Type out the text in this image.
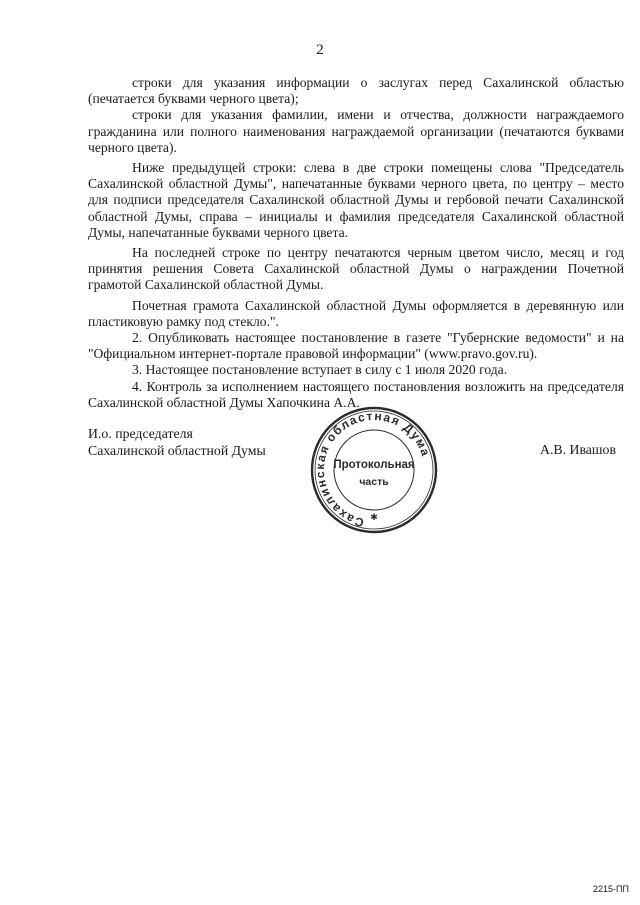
2

строки для указания информации о заслугах перед Сахалинской областью (печатается буквами черного цвета);

строки для указания фамилии, имени и отчества, должности награждаемого гражданина или полного наименования награждаемой организации (печатаются буквами черного цвета).

Ниже предыдущей строки: слева в две строки помещены слова "Председатель Сахалинской областной Думы", напечатанные буквами черного цвета, по центру – место для подписи председателя Сахалинской областной Думы и гербовой печати Сахалинской областной Думы, справа – инициалы и фамилия председателя Сахалинской областной Думы, напечатанные буквами черного цвета.

На последней строке по центру печатаются черным цветом число, месяц и год принятия решения Совета Сахалинской областной Думы о награждении Почетной грамотой Сахалинской областной Думы.

Почетная грамота Сахалинской областной Думы оформляется в деревянную или пластиковую рамку под стекло.".

2. Опубликовать настоящее постановление в газете "Губернские ведомости" и на "Официальном интернет-портале правовой информации" (www.pravo.gov.ru).

3. Настоящее постановление вступает в силу с 1 июля 2020 года.

4. Контроль за исполнением настоящего постановления возложить на председателя Сахалинской областной Думы Хапочкина А.А.

И.о. председателя
Сахалинской областной Думы
Сахалинская областная Дума
✱
Протокольная
часть
А.В. Ивашов
2215-ПП
